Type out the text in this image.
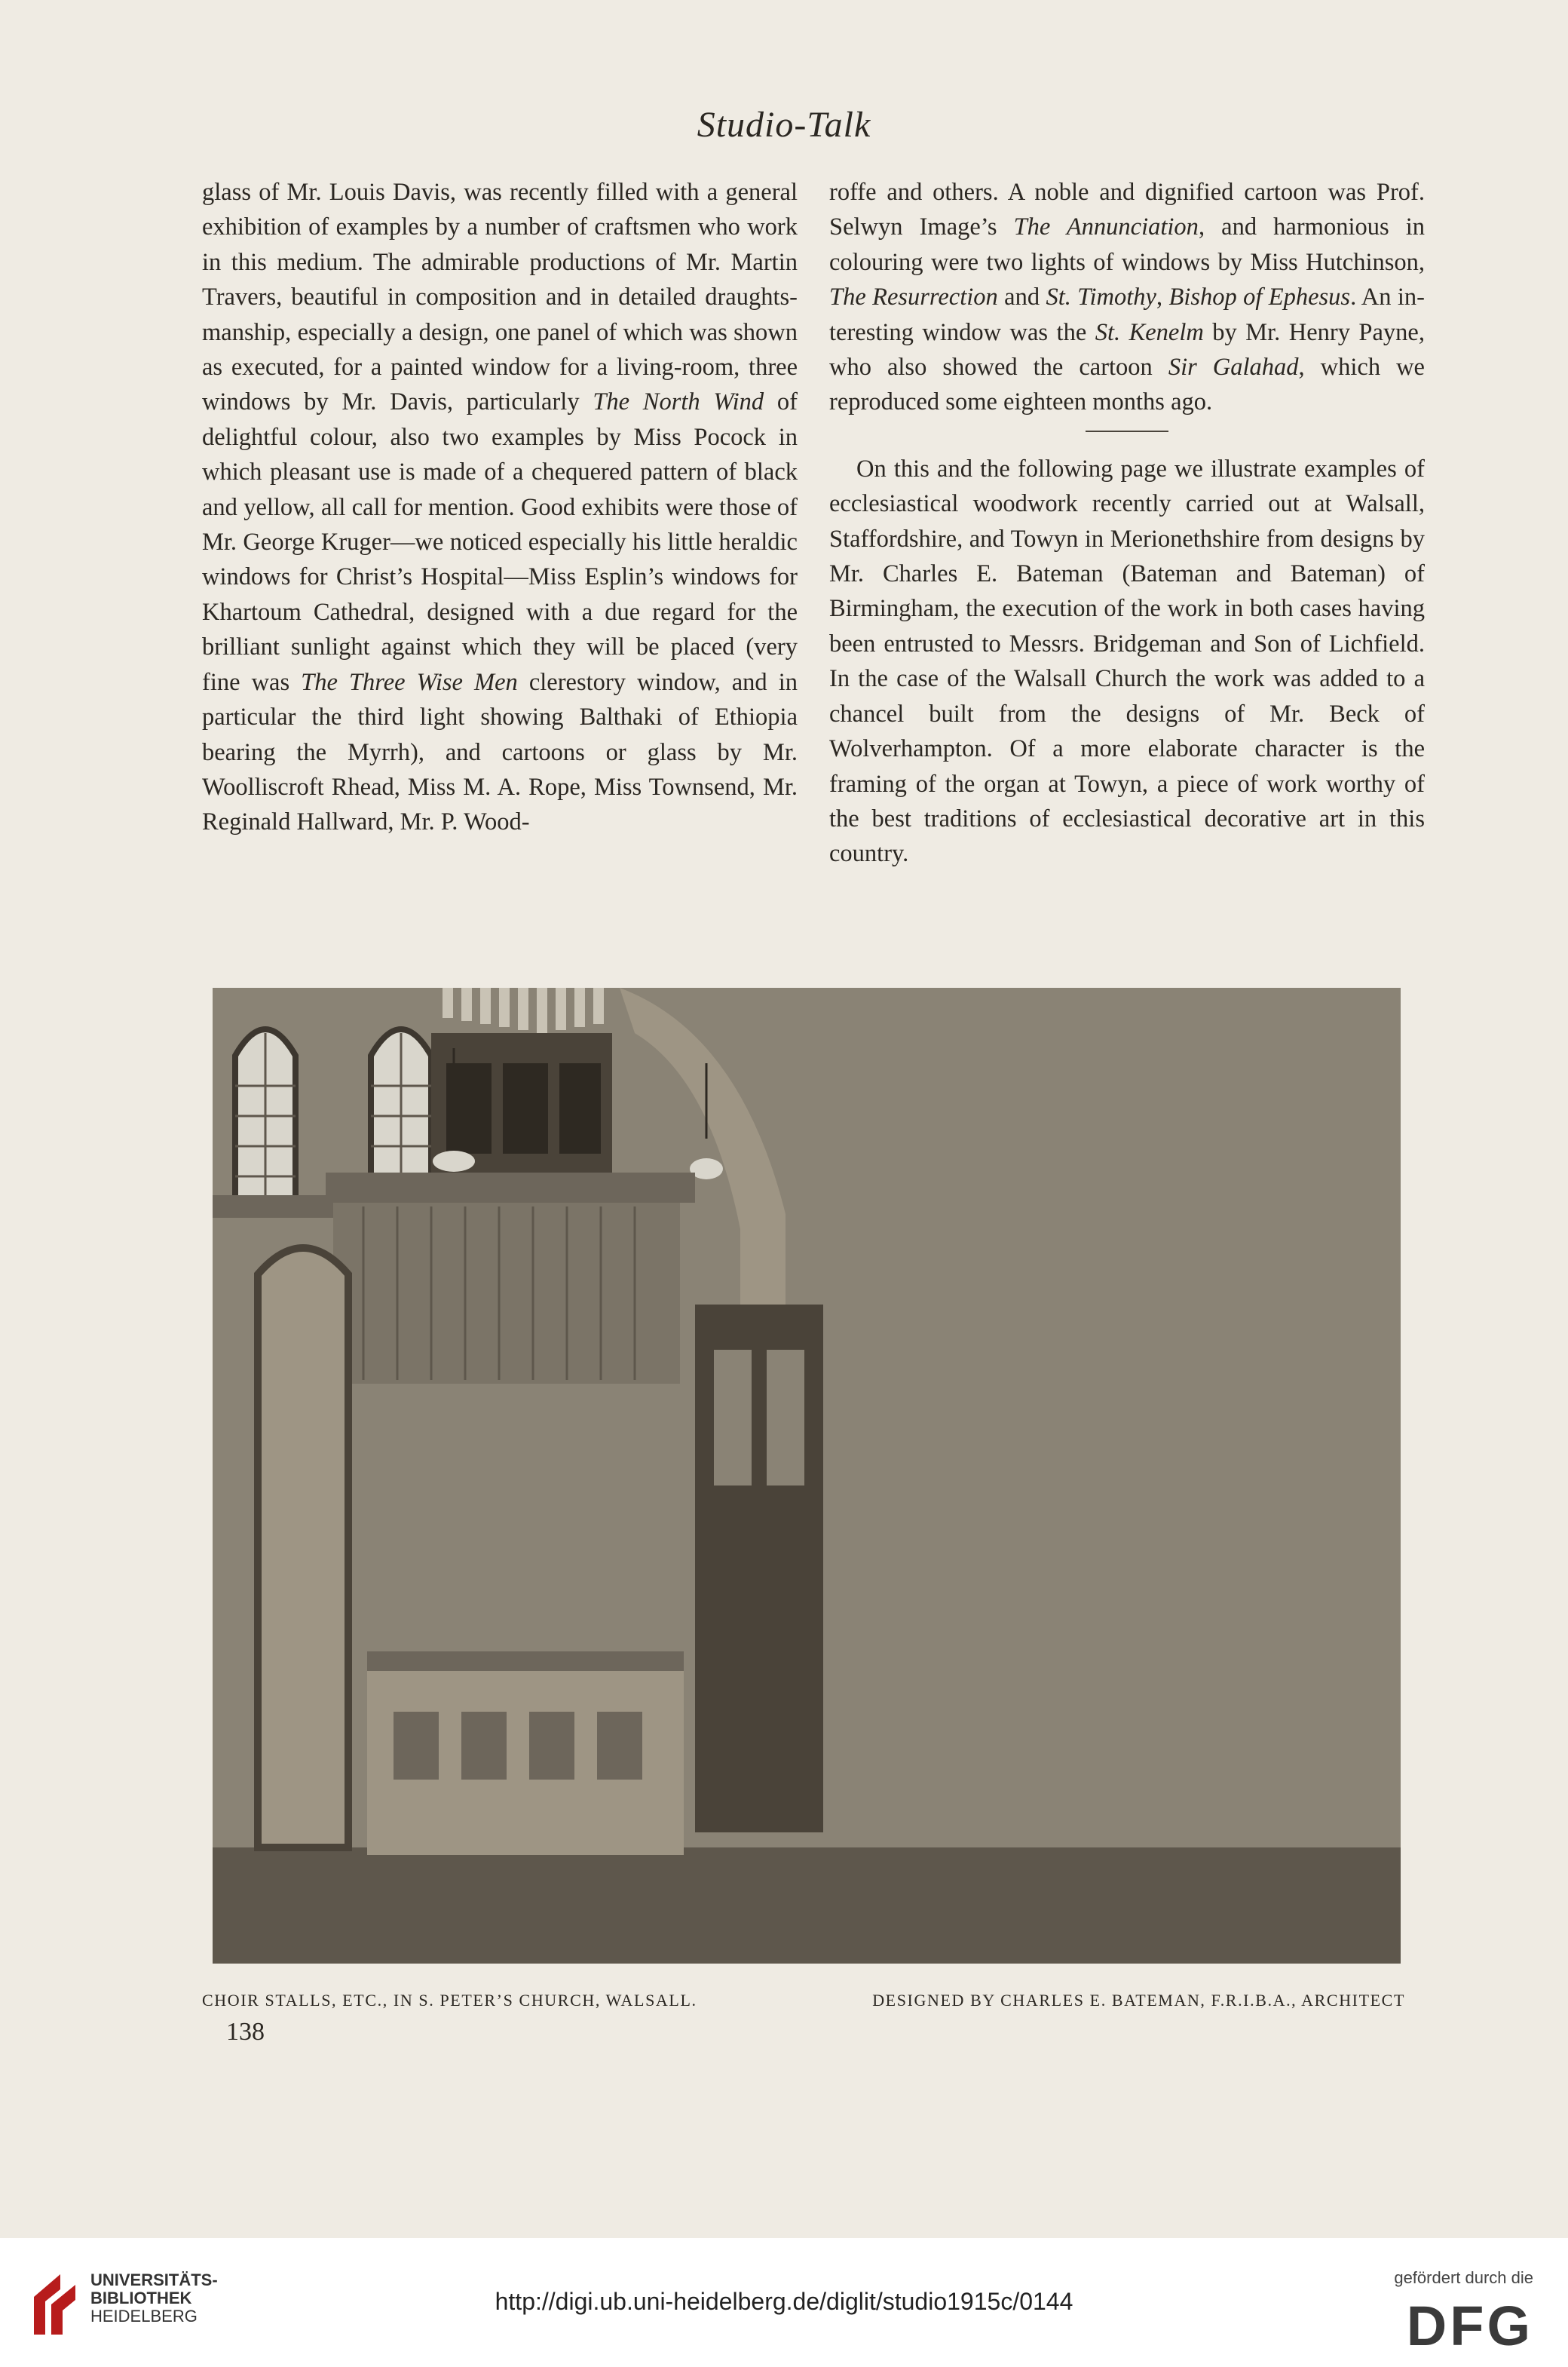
Studio-Talk

glass of Mr. Louis Davis, was recently filled with a general exhibition of examples by a number of craftsmen who work in this medium. The admirable productions of Mr. Martin Travers, beautiful in composition and in detailed draughtsmanship, especially a design, one panel of which was shown as executed, for a painted window for a living-room, three windows by Mr. Davis, particularly The North Wind of delightful colour, also two examples by Miss Pocock in which pleasant use is made of a chequered pattern of black and yellow, all call for mention. Good exhibits were those of Mr. George Kruger—we noticed especially his little heraldic windows for Christ’s Hospital—Miss Esplin’s windows for Khartoum Cathedral, designed with a due regard for the brilliant sunlight against which they will be placed (very fine was The Three Wise Men clerestory window, and in particular the third light showing Balthaki of Ethiopia bearing the Myrrh), and cartoons or glass by Mr. Woolliscroft Rhead, Miss M. A. Rope, Miss Townsend, Mr. Reginald Hallward, Mr. P. Wood-

roffe and others. A noble and dignified cartoon was Prof. Selwyn Image’s The Annunciation, and harmonious in colouring were two lights of windows by Miss Hutchinson, The Resurrection and St. Timothy, Bishop of Ephesus. An interesting window was the St. Kenelm by Mr. Henry Payne, who also showed the cartoon Sir Galahad, which we reproduced some eighteen months ago.

On this and the following page we illustrate examples of ecclesiastical woodwork recently carried out at Walsall, Staffordshire, and Towyn in Merionethshire from designs by Mr. Charles E. Bateman (Bateman and Bateman) of Birmingham, the execution of the work in both cases having been entrusted to Messrs. Bridgeman and Son of Lichfield. In the case of the Walsall Church the work was added to a chancel built from the designs of Mr. Beck of Wolverhampton. Of a more elaborate character is the framing of the organ at Towyn, a piece of work worthy of the best traditions of ecclesiastical decorative art in this country.

CHOIR STALLS, ETC., IN S. PETER’S CHURCH, WALSALL.	DESIGNED BY CHARLES E. BATEMAN, F.R.I.B.A., ARCHITECT
138
UNIVERSITÄTS-
BIBLIOTHEK
HEIDELBERG
http://digi.ub.uni-heidelberg.de/diglit/studio1915c/0144
gefördert durch die
DFG
